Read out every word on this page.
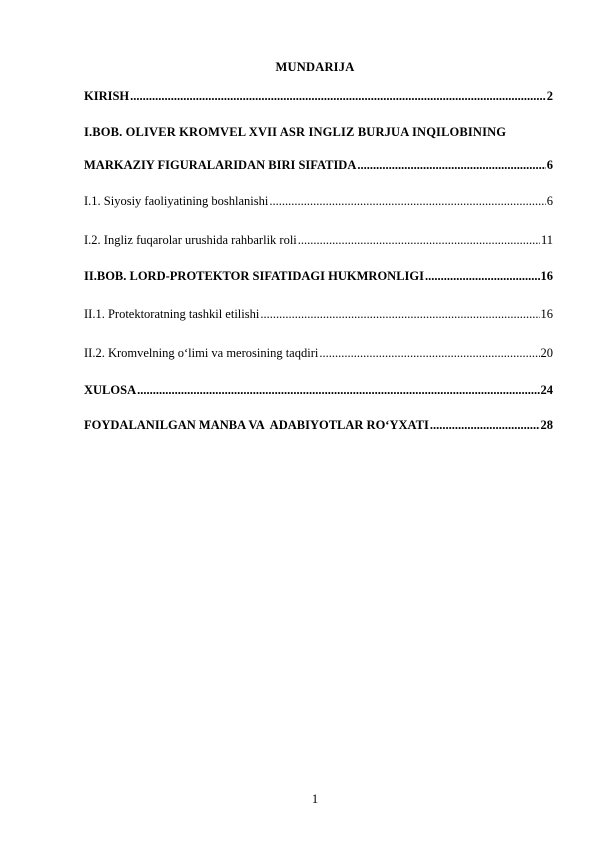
MUNDARIJA
KIRISH .....	2
I.BOB. OLIVER KROMVEL XVII ASR INGLIZ BURJUA INQILOBINING
MARKAZIY FIGURALARIDAN BIRI SIFATIDA .....	6
I.1. Siyosiy faoliyatining boshlanishi .....	6
I.2. Ingliz fuqarolar urushida rahbarlik roli .....	11
II.BOB. LORD-PROTEKTOR SIFATIDAGI HUKMRONLIGI .....	16
II.1. Protektoratning tashkil etilishi .....	16
II.2. Kromvelning o‘limi va merosining taqdiri .....	20
XULOSA .....	24
FOYDALANILGAN MANBA VA  ADABIYOTLAR RO‘YXATI .....	28
1
